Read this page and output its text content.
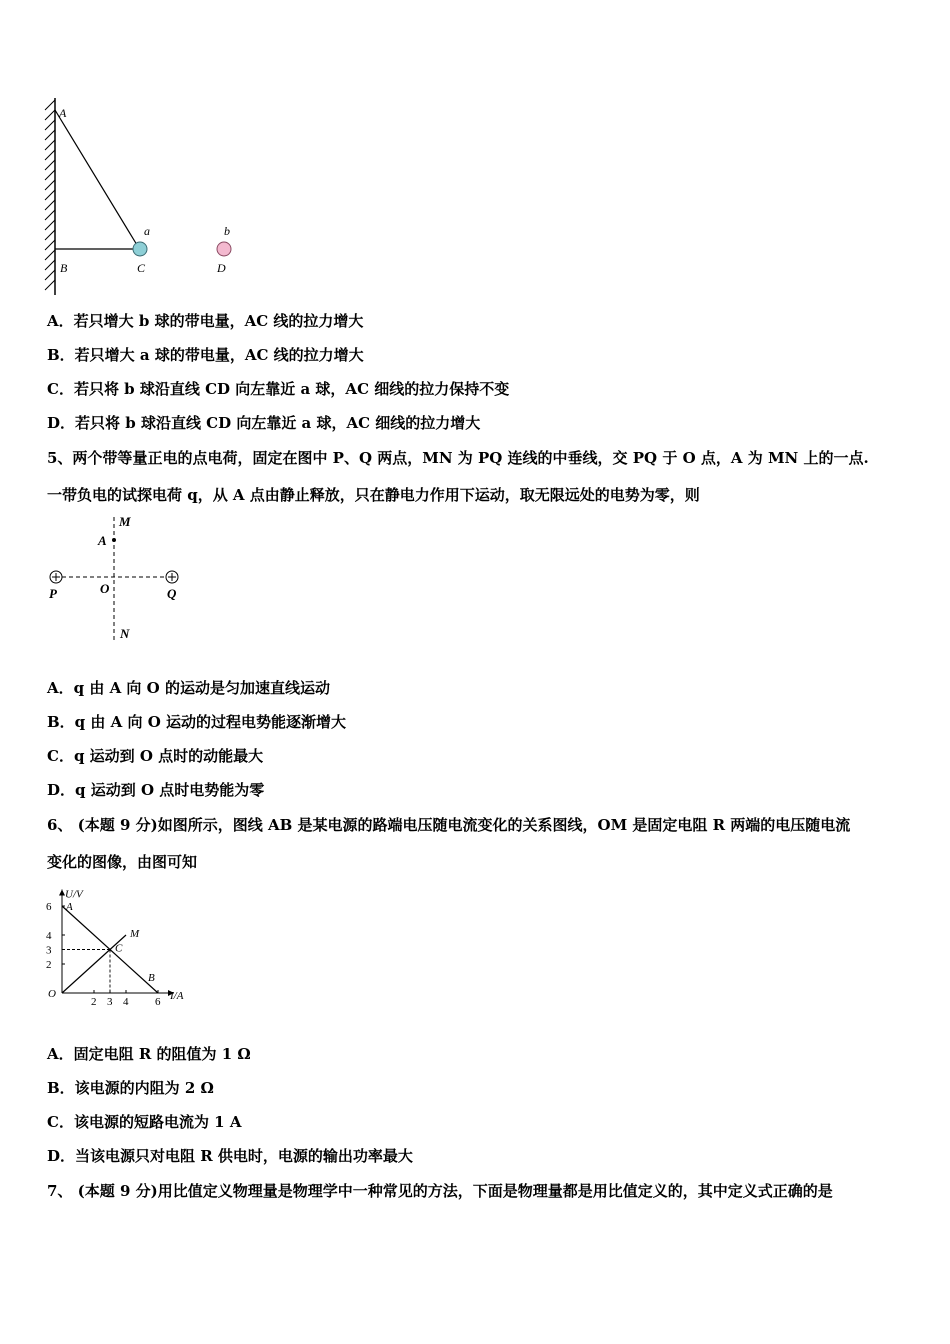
A
B	C
a	b
D
A．若只增大 b 球的带电量，AC 线的拉力增大
B．若只增大 a 球的带电量，AC 线的拉力增大
C．若只将 b 球沿直线 CD 向左靠近 a 球，AC 细线的拉力保持不变
D．若只将 b 球沿直线 CD 向左靠近 a 球，AC 细线的拉力增大
5、两个带等量正电的点电荷，固定在图中 P、Q 两点，MN 为 PQ 连线的中垂线，交 PQ 于 O 点，A 为 MN 上的一点.
一带负电的试探电荷 q，从 A 点由静止释放，只在静电力作用下运动，取无限远处的电势为零，则
M
A
O
P	Q
N
A．q 由 A 向 O 的运动是匀加速直线运动
B．q 由 A 向 O 运动的过程电势能逐渐增大
C．q 运动到 O 点时的动能最大
D．q 运动到 O 点时电势能为零
6、 (本题 9 分)如图所示，图线 AB 是某电源的路端电压随电流变化的关系图线，OM 是固定电阻 R 两端的电压随电流
变化的图像，由图可知
U/V
I/A
O
2 3 4 6
2
3
4
6 A
B
M
C
A．固定电阻 R 的阻值为 1 Ω
B．该电源的内阻为 2 Ω
C．该电源的短路电流为 1 A
D．当该电源只对电阻 R 供电时，电源的输出功率最大
7、 (本题 9 分)用比值定义物理量是物理学中一种常见的方法，下面是物理量都是用比值定义的，其中定义式正确的是
